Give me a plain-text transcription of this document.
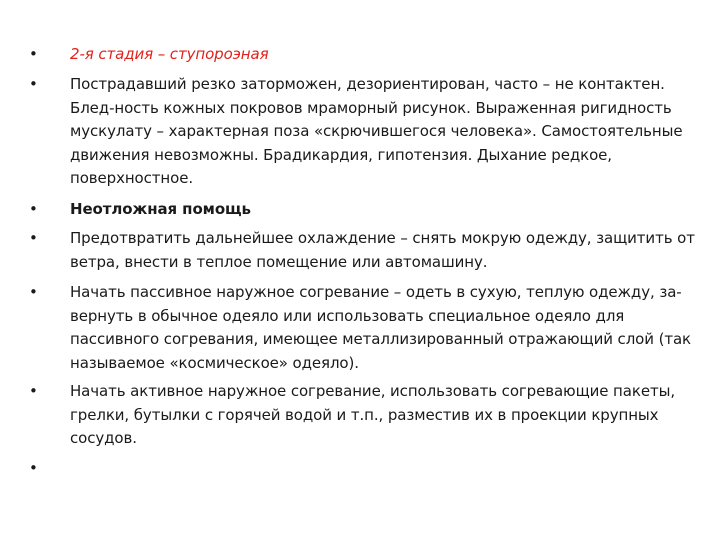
• 2-я стадия – ступороэная
• Пострадавший резко заторможен, дезориентирован, часто – не контактен. Блед-ность кожных покровов мраморный рисунок. Выраженная ригидность мускулату – характерная поза «скрючившегося человека». Самостоятельные движения невозможны. Брадикардия, гипотензия. Дыхание редкое, поверхностное.
• Неотложная помощь
• Предотвратить дальнейшее охлаждение – снять мокрую одежду, защитить от ветра, внести в теплое помещение или автомашину.
• Начать пассивное наружное согревание – одеть в сухую, теплую одежду, за-вернуть в обычное одеяло или использовать специальное одеяло для пассивного согревания, имеющее металлизированный отражающий слой (так называемое «космическое» одеяло).
• Начать активное наружное согревание, использовать согревающие пакеты, грелки, бутылки с горячей водой и т.п., разместив их в проекции крупных сосудов.
•
